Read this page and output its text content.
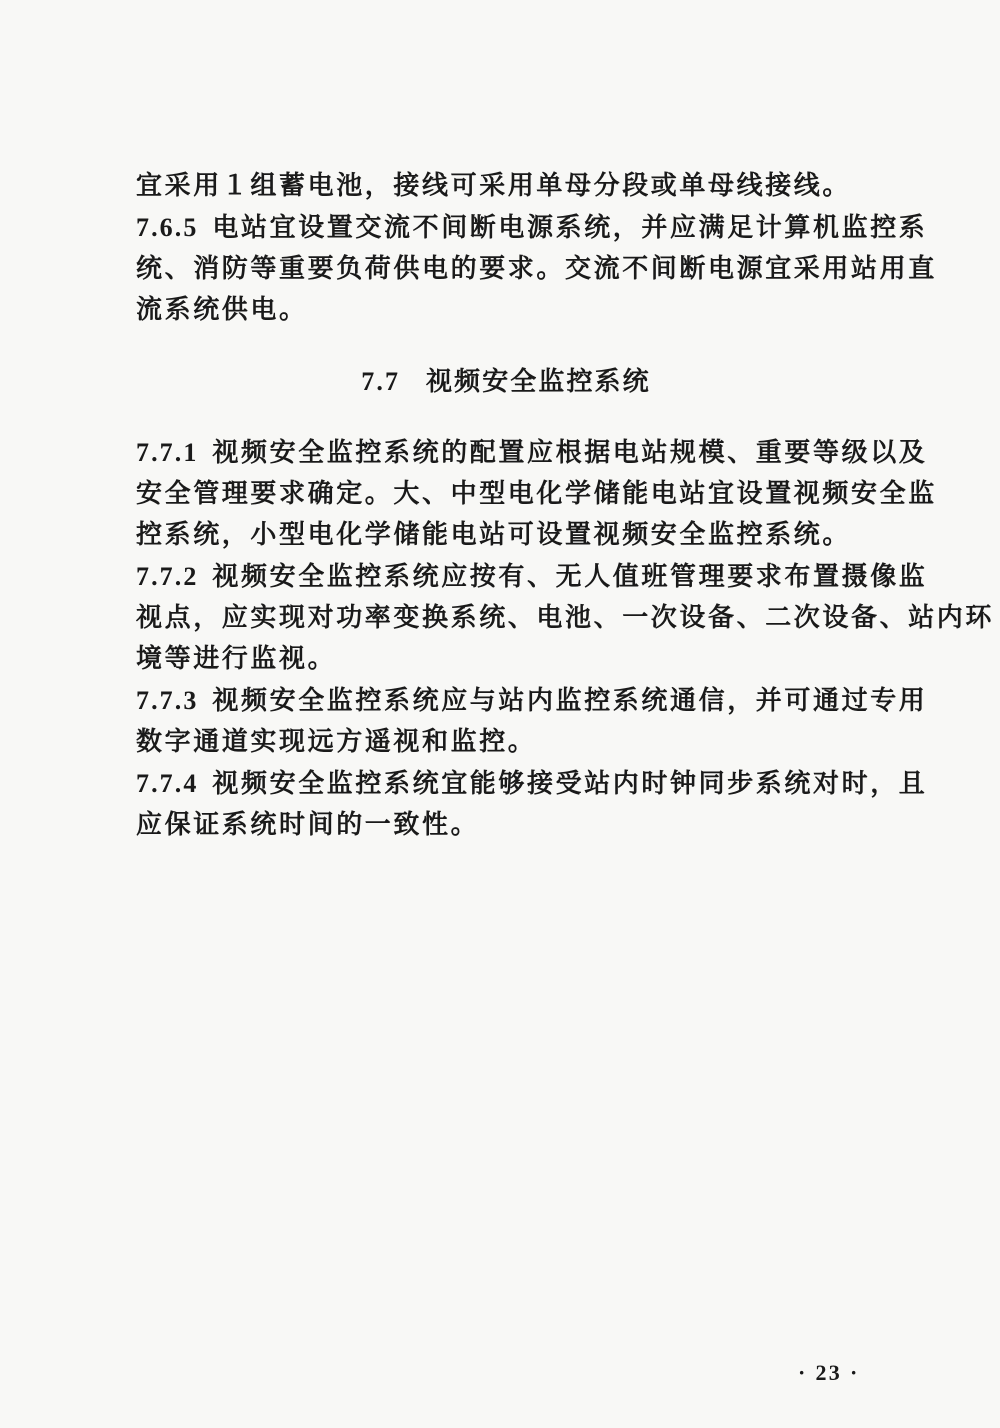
宜采用１组蓄电池，接线可采用单母分段或单母线接线。
7.6.5 电站宜设置交流不间断电源系统，并应满足计算机监控系
统、消防等重要负荷供电的要求。交流不间断电源宜采用站用直
流系统供电。
7.7 视频安全监控系统
7.7.1 视频安全监控系统的配置应根据电站规模、重要等级以及
安全管理要求确定。大、中型电化学储能电站宜设置视频安全监
控系统，小型电化学储能电站可设置视频安全监控系统。
7.7.2 视频安全监控系统应按有、无人值班管理要求布置摄像监
视点，应实现对功率变换系统、电池、一次设备、二次设备、站内环
境等进行监视。
7.7.3 视频安全监控系统应与站内监控系统通信，并可通过专用
数字通道实现远方遥视和监控。
7.7.4 视频安全监控系统宜能够接受站内时钟同步系统对时，且
应保证系统时间的一致性。
· 23 ·
